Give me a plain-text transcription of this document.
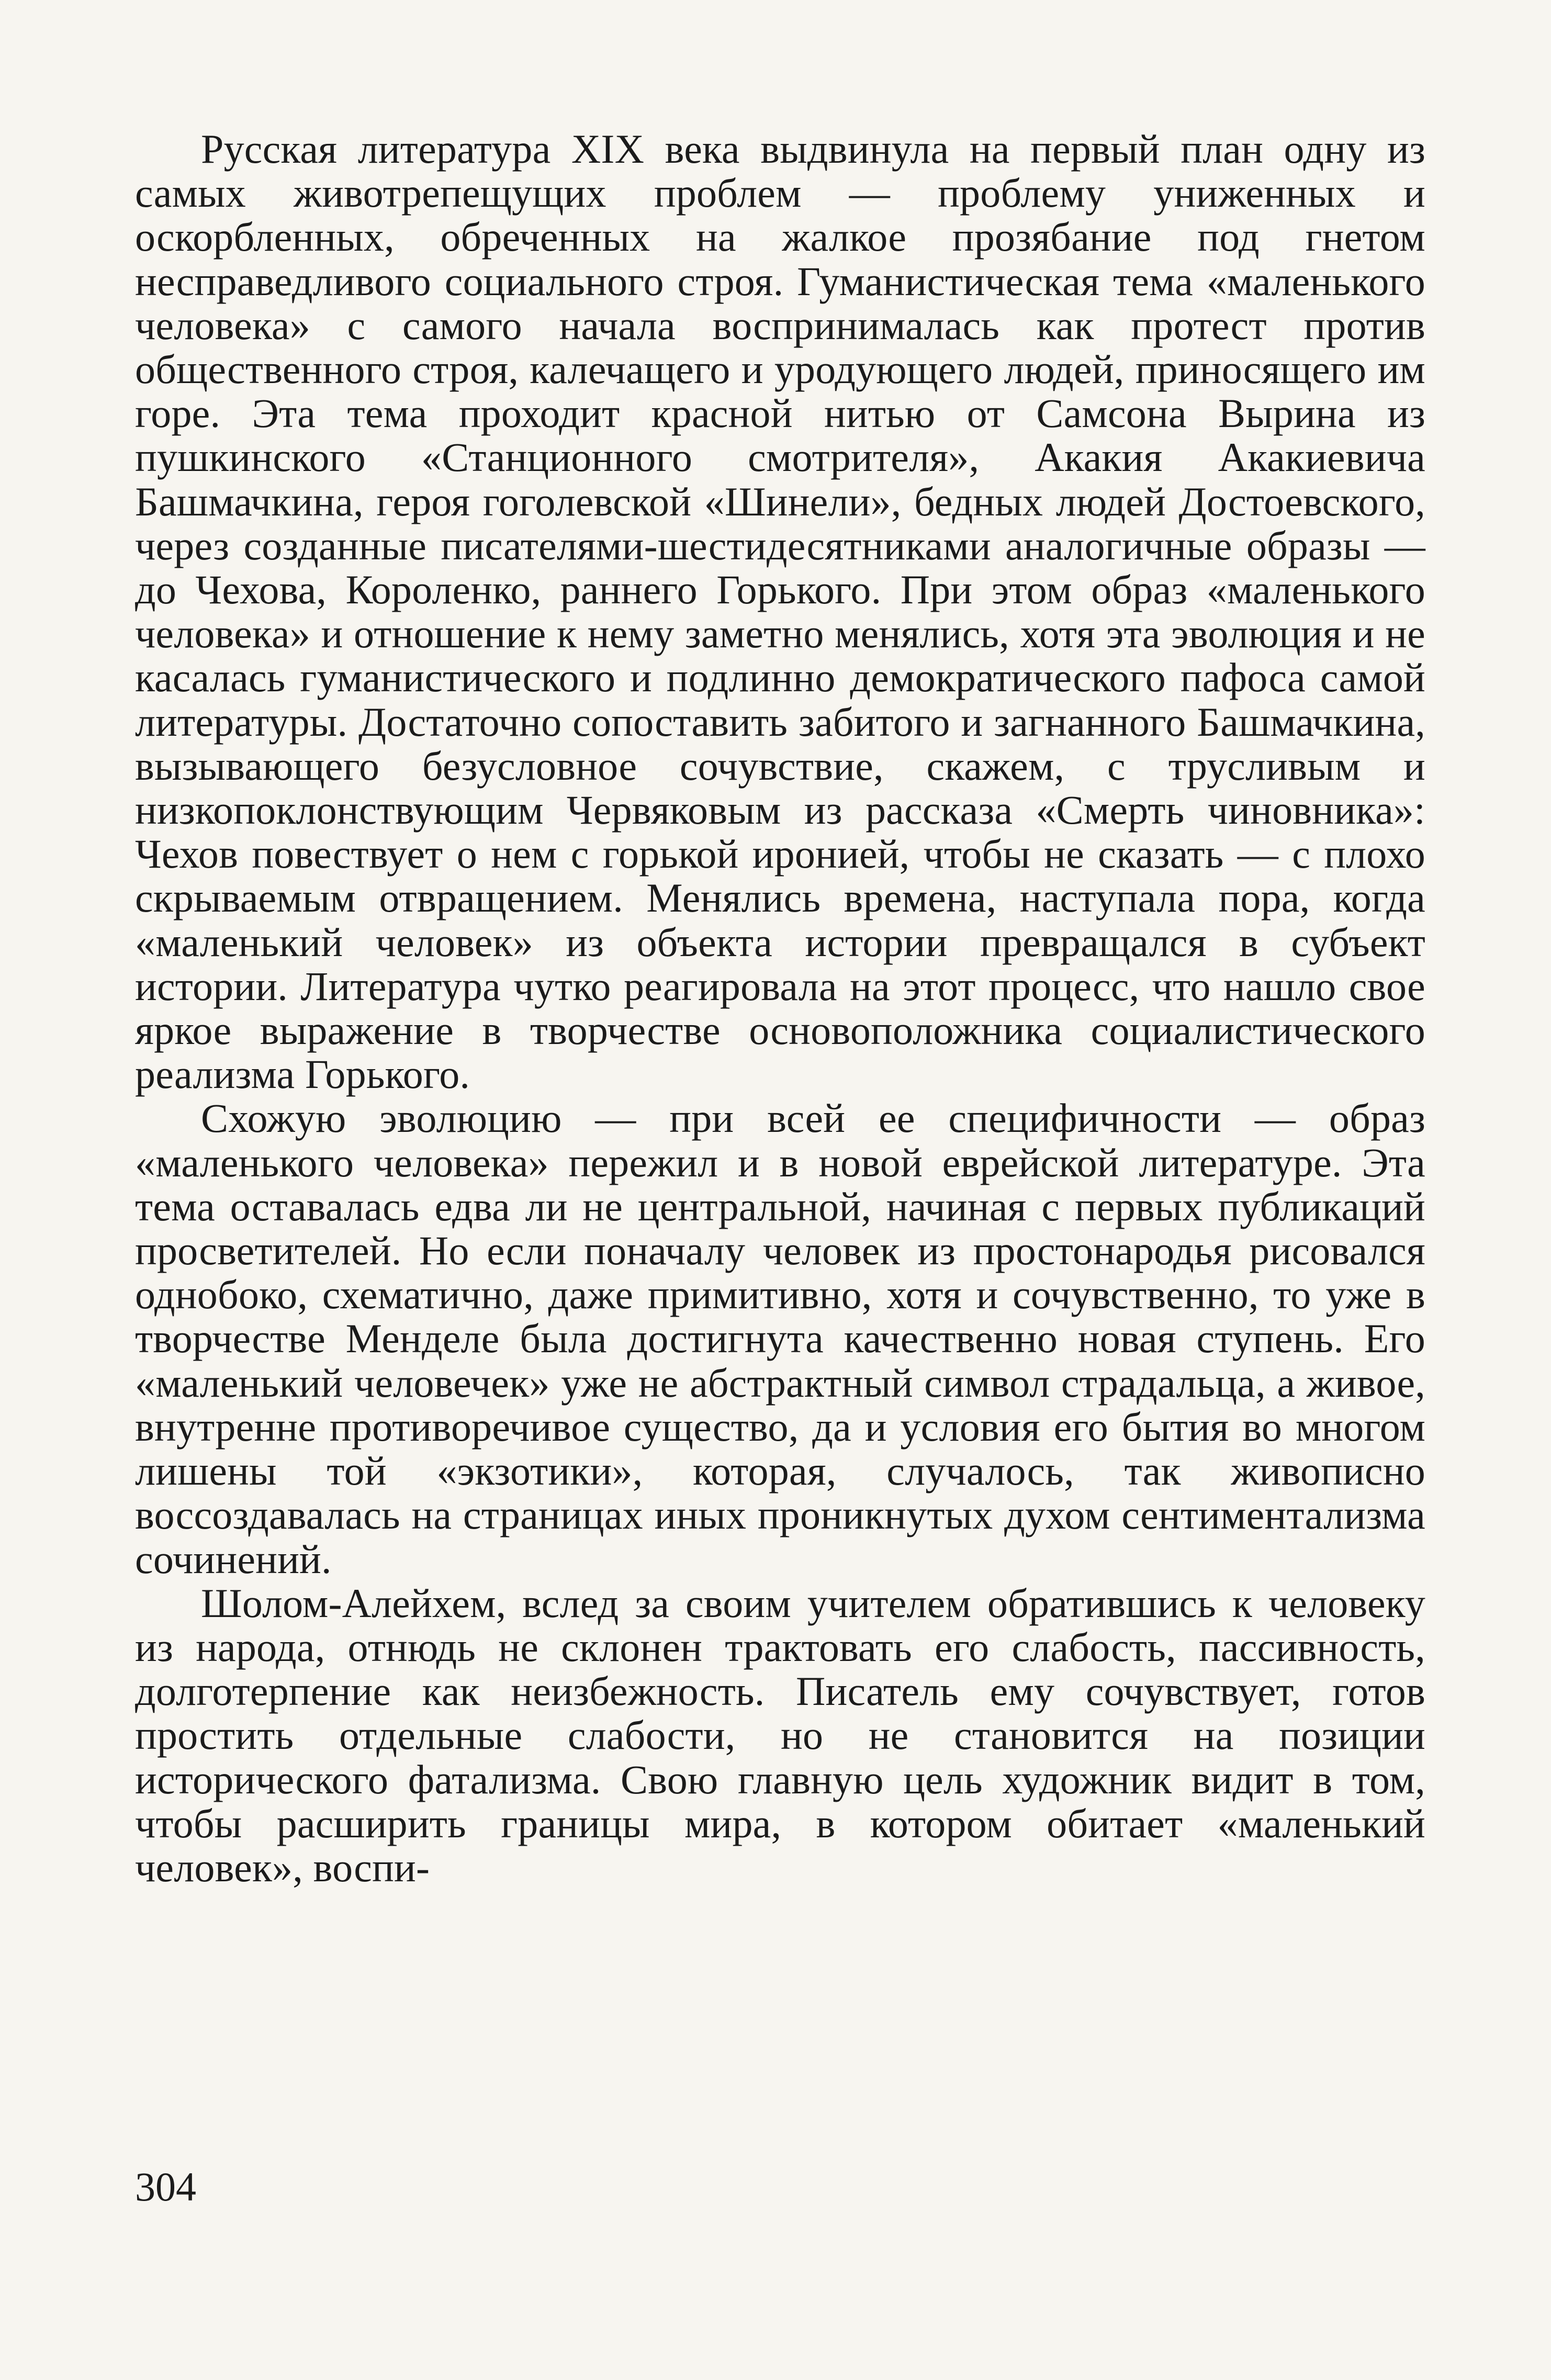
Русская литература XIX века выдвинула на первый план одну из самых животрепещущих проблем — проблему униженных и оскорбленных, обреченных на жалкое прозябание под гнетом несправедливого социального строя. Гуманистическая тема «маленького человека» с самого начала воспринималась как протест против общественного строя, калечащего и уродующего людей, приносящего им горе. Эта тема проходит красной нитью от Самсона Вырина из пушкинского «Станционного смотрителя», Акакия Акакиевича Башмачкина, героя гоголевской «Шинели», бедных людей Достоевского, через созданные писателями-шестидесятниками аналогичные образы — до Чехова, Короленко, раннего Горького. При этом образ «маленького человека» и отношение к нему заметно менялись, хотя эта эволюция и не касалась гуманистического и подлинно демократического пафоса самой литературы. Достаточно сопоставить забитого и загнанного Башмачкина, вызывающего безусловное сочувствие, скажем, с трусливым и низкопоклонствующим Червяковым из рассказа «Смерть чиновника»: Чехов повествует о нем с горькой иронией, чтобы не сказать — с плохо скрываемым отвращением. Менялись времена, наступала пора, когда «маленький человек» из объекта истории превращался в субъект истории. Литература чутко реагировала на этот процесс, что нашло свое яркое выражение в творчестве основоположника социалистического реализма Горького.

Схожую эволюцию — при всей ее специфичности — образ «маленького человека» пережил и в новой еврейской литературе. Эта тема оставалась едва ли не центральной, начиная с первых публикаций просветителей. Но если поначалу человек из простонародья рисовался однобоко, схематично, даже примитивно, хотя и сочувственно, то уже в творчестве Менделе была достигнута качественно новая ступень. Его «маленький человечек» уже не абстрактный символ страдальца, а живое, внутренне противоречивое существо, да и условия его бытия во многом лишены той «экзотики», которая, случалось, так живописно воссоздавалась на страницах иных проникнутых духом сентиментализма сочинений.

Шолом-Алейхем, вслед за своим учителем обратившись к человеку из народа, отнюдь не склонен трактовать его слабость, пассивность, долготерпение как неизбежность. Писатель ему сочувствует, готов простить отдельные слабости, но не становится на позиции исторического фатализма. Свою главную цель художник видит в том, чтобы расширить границы мира, в котором обитает «маленький человек», воспи-

304
